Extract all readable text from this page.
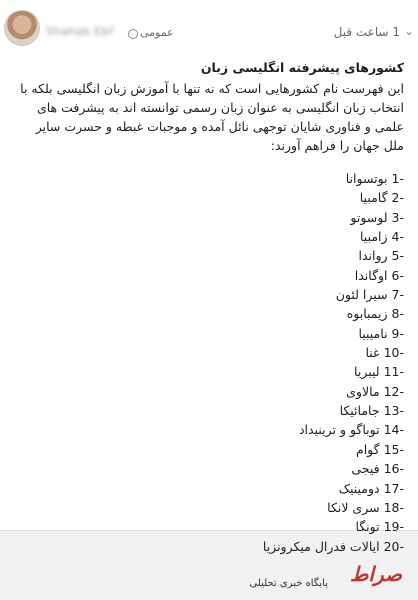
Shahab Ebf عمومی	1 ساعت قبل ⌄
کشورهای پیشرفته انگلیسی زبان
این فهرست نام کشورهایی است که نه تنها با آموزش زبان انگلیسی بلکه با انتخاب زبان انگلیسی به عنوان زبان رسمی توانسته اند به پیشرفت های علمی و فناوری شایان توجهی نائل آمده و موجبات غبطه و حسرت سایر ملل جهان را فراهم آورند:
1- بوتسوانا
2- گامبیا
3- لوسوتو
4- زامبیا
5- رواندا
6- اوگاندا
7- سیرا لئون
8- زیمبابوه
9- نامیبیا
10- غنا
11- لیبریا
12- مالاوی
13- جامائیکا
14- توباگو و ترینیداد
15- گوام
16- فیجی
17- دومینیک
18- سری لانکا
19- تونگا
20- ایالات فدرال میکرونزیا
صراط
پایگاه خبری تحلیلی
